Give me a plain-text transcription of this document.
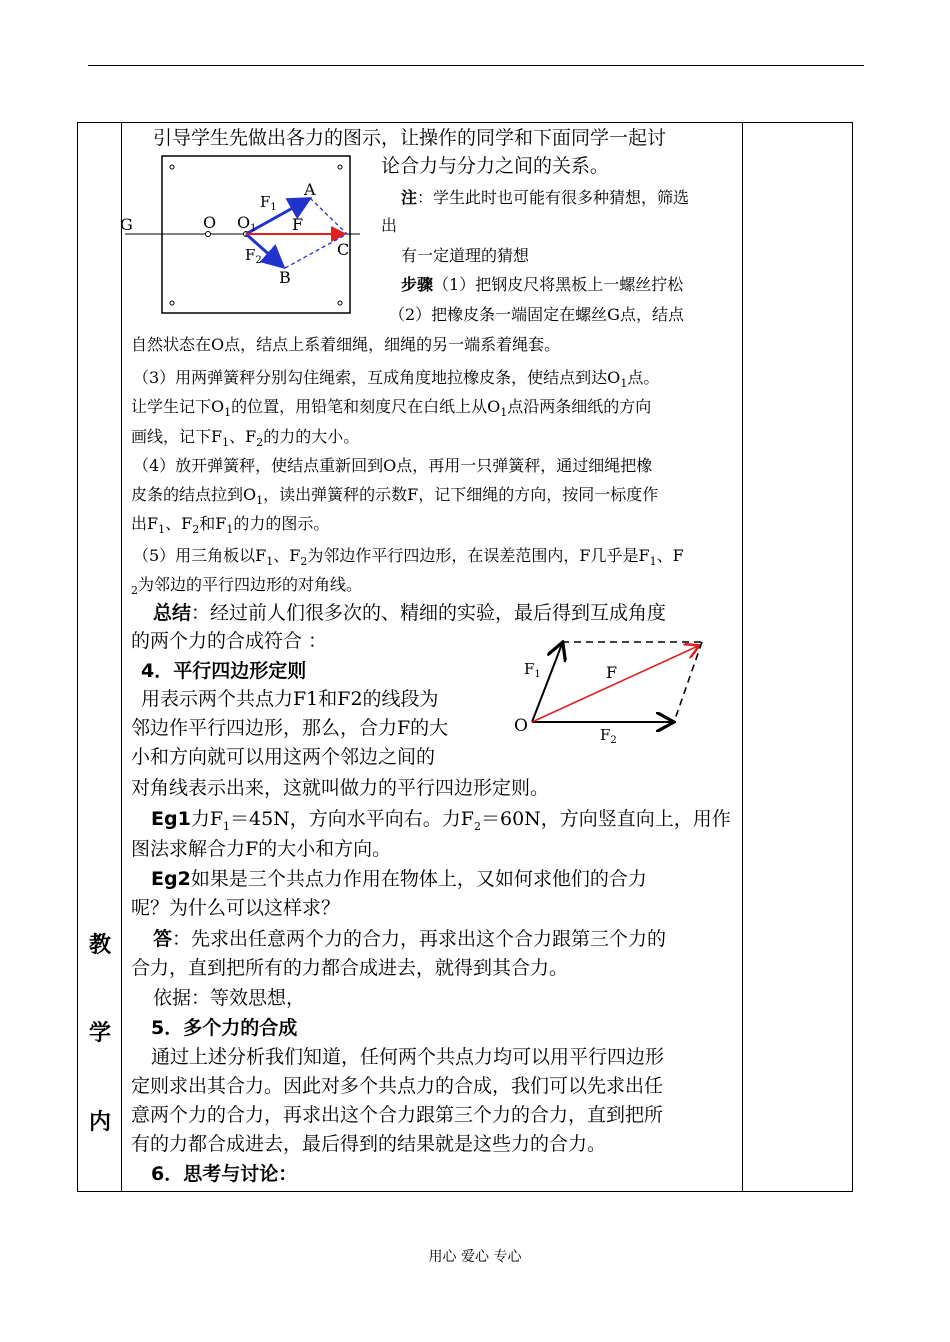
教
学
内
G	O O1
$F_1$
$F_2$
A
B
C
F
O
$F_1$
$F_2$
F
引导学生先做出各力的图示，让操作的同学和下面同学一起讨
论合力与分力之间的关系。
注：学生此时也可能有很多种猜想，筛选
出
有一定道理的猜想
步骤（1）把钢皮尺将黑板上一螺丝拧松
（2）把橡皮条一端固定在螺丝G点，结点
自然状态在O点，结点上系着细绳，细绳的另一端系着绳套。
（3）用两弹簧秤分别勾住绳索，互成角度地拉橡皮条，使结点到达$O_1$点。
让学生记下$O_1$的位置，用铅笔和刻度尺在白纸上从$O_1$点沿两条细纸的方向
画线，记下$F_1$、$F_2$的力的大小。
（4）放开弹簧秤，使结点重新回到O点，再用一只弹簧秤，通过细绳把橡
皮条的结点拉到$O_1$，读出弹簧秤的示数F，记下细绳的方向，按同一标度作
出$F_1$、$F_2$和$F_1$的力的图示。
（5）用三角板以$F_1$、$F_2$为邻边作平行四边形，在误差范围内，F几乎是$F_1$、F
$_2$为邻边的平行四边形的对角线。
总结：经过前人们很多次的、精细的实验，最后得到互成角度
的两个力的合成符合 ：
4．平行四边形定则
用表示两个共点力F1和F2的线段为
邻边作平行四边形，那么，合力F的大
小和方向就可以用这两个邻边之间的
对角线表示出来，这就叫做力的平行四边形定则。
Eg1力$F_1=45N$，方向水平向右。力$F_2=60N$，方向竖直向上，用作
图法求解合力F的大小和方向。
Eg2如果是三个共点力作用在物体上，又如何求他们的合力
呢？为什么可以这样求？
答：先求出任意两个力的合力，再求出这个合力跟第三个力的
合力，直到把所有的力都合成进去，就得到其合力。
依据：等效思想，
5．多个力的合成
通过上述分析我们知道，任何两个共点力均可以用平行四边形
定则求出其合力。因此对多个共点力的合成，我们可以先求出任
意两个力的合力，再求出这个合力跟第三个力的合力，直到把所
有的力都合成进去，最后得到的结果就是这些力的合力。
6．思考与讨论：
用心 爱心 专心
